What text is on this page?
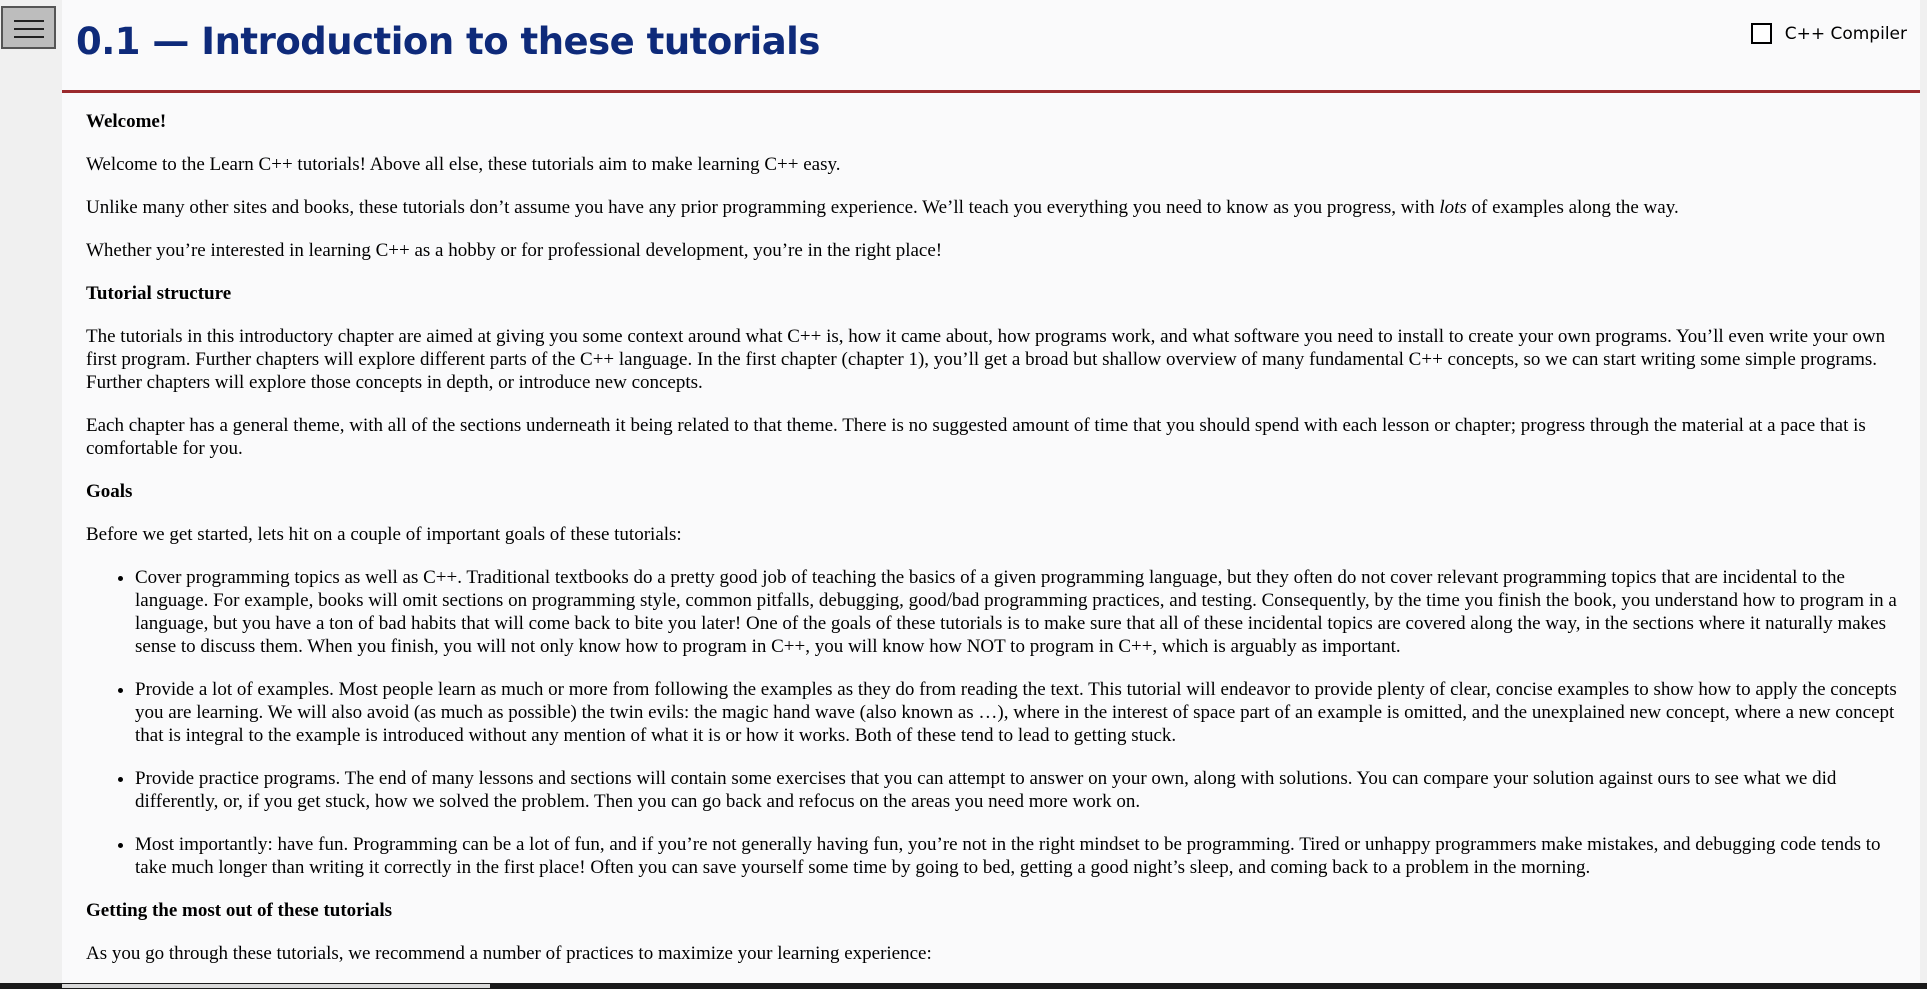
0.1 — Introduction to these tutorials	C++ Compiler
Welcome!

Welcome to the Learn C++ tutorials! Above all else, these tutorials aim to make learning C++ easy.

Unlike many other sites and books, these tutorials don’t assume you have any prior programming experience. We’ll teach you everything you need to know as you progress, with lots of examples along the way.

Whether you’re interested in learning C++ as a hobby or for professional development, you’re in the right place!

Tutorial structure

The tutorials in this introductory chapter are aimed at giving you some context around what C++ is, how it came about, how programs work, and what software you need to install to create your own programs. You’ll even write your own first program. Further chapters will explore different parts of the C++ language. In the first chapter (chapter 1), you’ll get a broad but shallow overview of many fundamental C++ concepts, so we can start writing some simple programs. Further chapters will explore those concepts in depth, or introduce new concepts.

Each chapter has a general theme, with all of the sections underneath it being related to that theme. There is no suggested amount of time that you should spend with each lesson or chapter; progress through the material at a pace that is comfortable for you.

Goals

Before we get started, lets hit on a couple of important goals of these tutorials:

• Cover programming topics as well as C++. Traditional textbooks do a pretty good job of teaching the basics of a given programming language, but they often do not cover relevant programming topics that are incidental to the language. For example, books will omit sections on programming style, common pitfalls, debugging, good/bad programming practices, and testing. Consequently, by the time you finish the book, you understand how to program in a language, but you have a ton of bad habits that will come back to bite you later! One of the goals of these tutorials is to make sure that all of these incidental topics are covered along the way, in the sections where it naturally makes sense to discuss them. When you finish, you will not only know how to program in C++, you will know how NOT to program in C++, which is arguably as important.
• Provide a lot of examples. Most people learn as much or more from following the examples as they do from reading the text. This tutorial will endeavor to provide plenty of clear, concise examples to show how to apply the concepts you are learning. We will also avoid (as much as possible) the twin evils: the magic hand wave (also known as …), where in the interest of space part of an example is omitted, and the unexplained new concept, where a new concept that is integral to the example is introduced without any mention of what it is or how it works. Both of these tend to lead to getting stuck.
• Provide practice programs. The end of many lessons and sections will contain some exercises that you can attempt to answer on your own, along with solutions. You can compare your solution against ours to see what we did differently, or, if you get stuck, how we solved the problem. Then you can go back and refocus on the areas you need more work on.
• Most importantly: have fun. Programming can be a lot of fun, and if you’re not generally having fun, you’re not in the right mindset to be programming. Tired or unhappy programmers make mistakes, and debugging code tends to take much longer than writing it correctly in the first place! Often you can save yourself some time by going to bed, getting a good night’s sleep, and coming back to a problem in the morning.
Getting the most out of these tutorials

As you go through these tutorials, we recommend a number of practices to maximize your learning experience:
